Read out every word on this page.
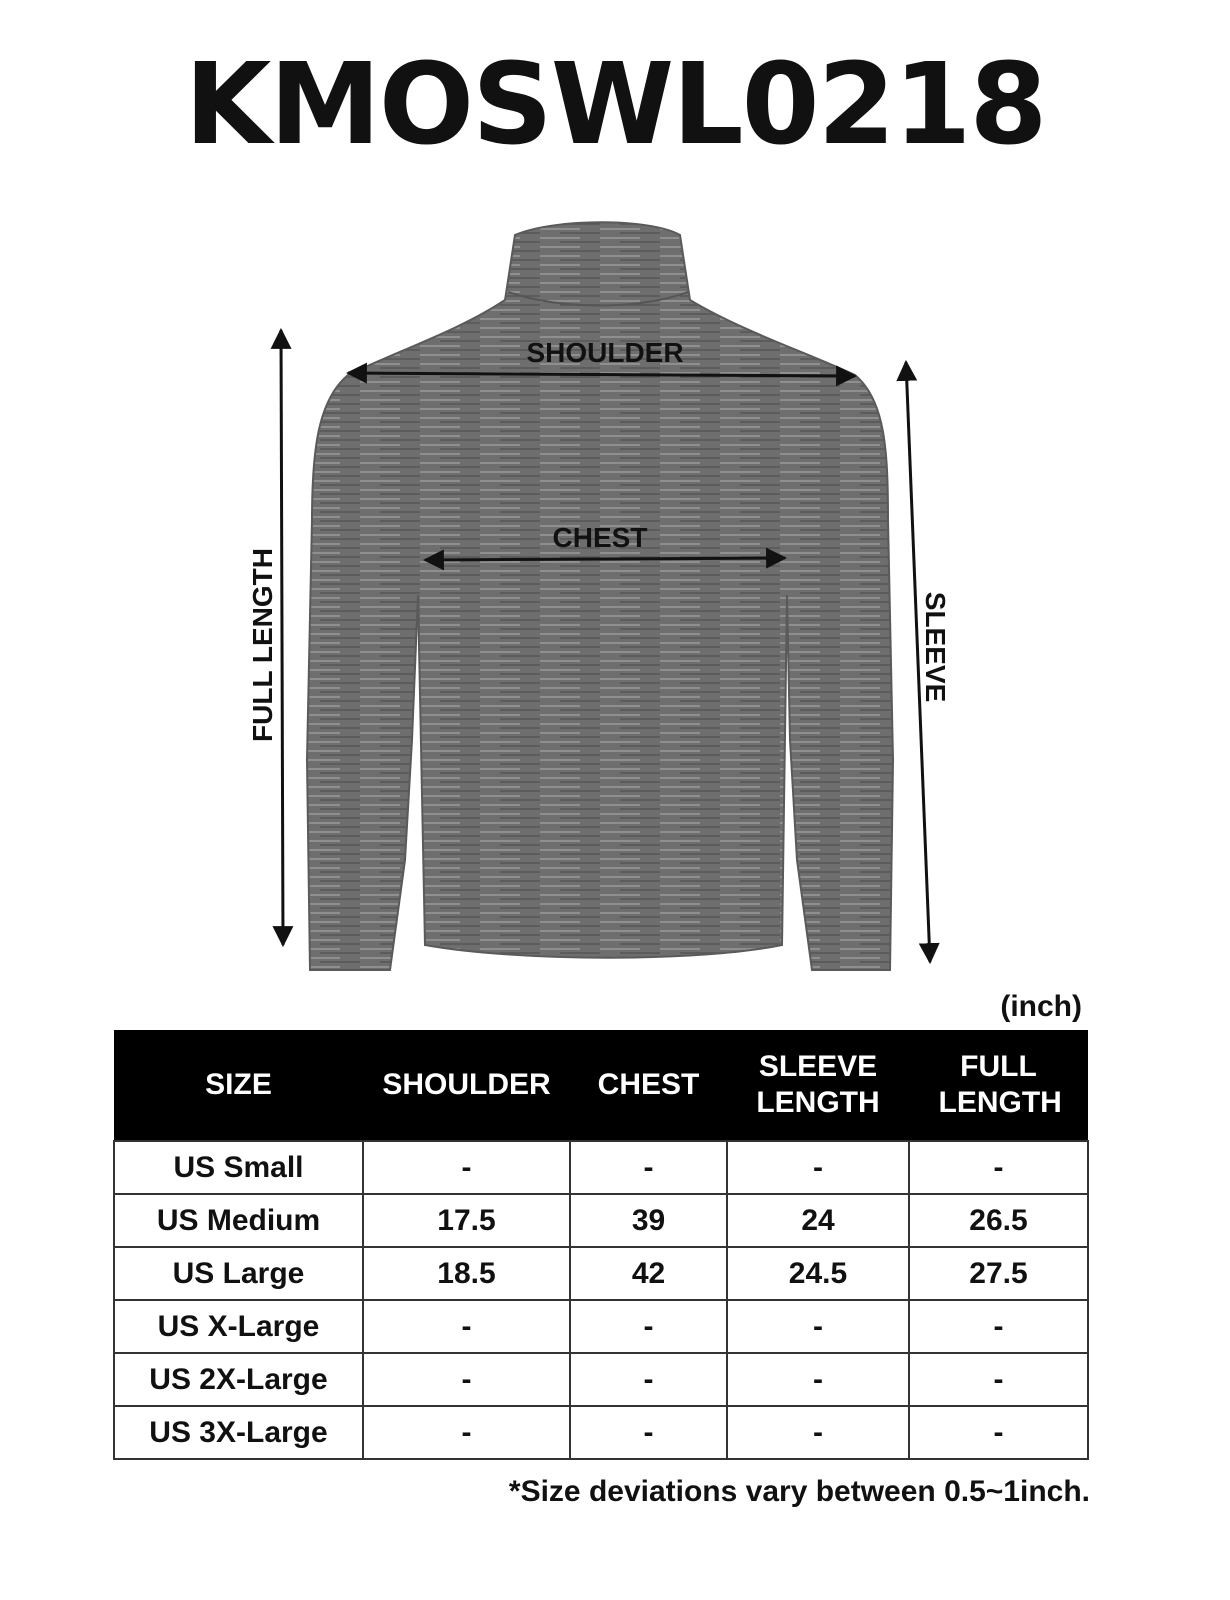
KMOSWL0218
SHOULDER
CHEST
FULL LENGTH	SLEEVE
(inch)
SIZE	SHOULDER	CHEST	SLEEVE LENGTH	FULL LENGTH
US Small	-	-	-	-
US Medium	17.5	39	24	26.5
US Large	18.5	42	24.5	27.5
US X-Large	-	-	-	-
US 2X-Large	-	-	-	-
US 3X-Large	-	-	-	-
*Size deviations vary between 0.5~1inch.
